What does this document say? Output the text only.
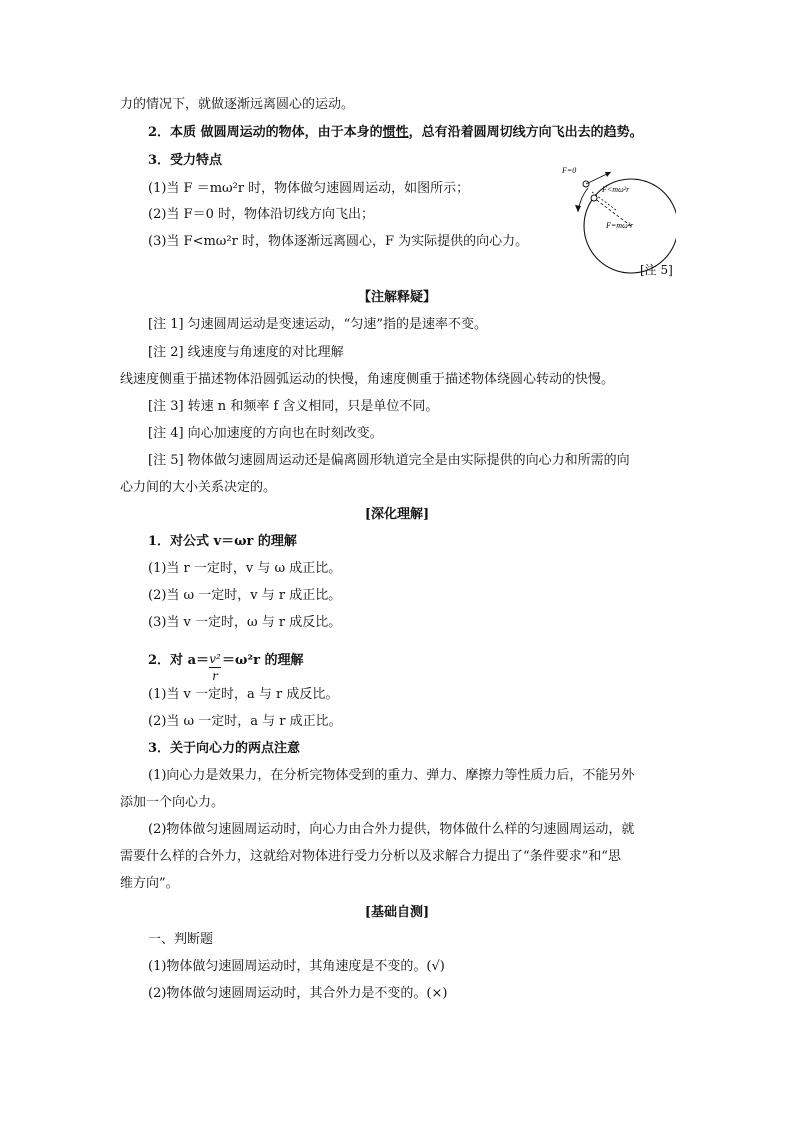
力的情况下，就做逐渐远离圆心的运动。
2．本质 做圆周运动的物体，由于本身的惯性，总有沿着圆周切线方向飞出去的趋势。
3．受力特点
(1)当 F ＝mω²r 时，物体做匀速圆周运动，如图所示；
(2)当 F＝0 时，物体沿切线方向飞出；
(3)当 F<mω²r 时，物体逐渐远离圆心，F 为实际提供的向心力。
F=0
F<mω²r
F=mω²r
[注 5]
【注解释疑】
[注 1] 匀速圆周运动是变速运动，“匀速”指的是速率不变。
[注 2] 线速度与角速度的对比理解
线速度侧重于描述物体沿圆弧运动的快慢，角速度侧重于描述物体绕圆心转动的快慢。
[注 3] 转速 n 和频率 f 含义相同，只是单位不同。
[注 4] 向心加速度的方向也在时刻改变。
[注 5] 物体做匀速圆周运动还是偏离圆形轨道完全是由实际提供的向心力和所需的向
心力间的大小关系决定的。
[深化理解]
1．对公式 v＝ωr 的理解
(1)当 r 一定时，v 与 ω 成正比。
(2)当 ω 一定时，v 与 r 成正比。
(3)当 v 一定时，ω 与 r 成反比。
2．对 a＝ v²
r
＝ω²r 的理解
(1)当 v 一定时，a 与 r 成反比。
(2)当 ω 一定时，a 与 r 成正比。
3．关于向心力的两点注意
(1)向心力是效果力，在分析完物体受到的重力、弹力、摩擦力等性质力后，不能另外
添加一个向心力。
(2)物体做匀速圆周运动时，向心力由合外力提供，物体做什么样的匀速圆周运动，就
需要什么样的合外力，这就给对物体进行受力分析以及求解合力提出了“条件要求”和“思
维方向”。
[基础自测]
一、判断题
(1)物体做匀速圆周运动时，其角速度是不变的。(√)
(2)物体做匀速圆周运动时，其合外力是不变的。(×)
